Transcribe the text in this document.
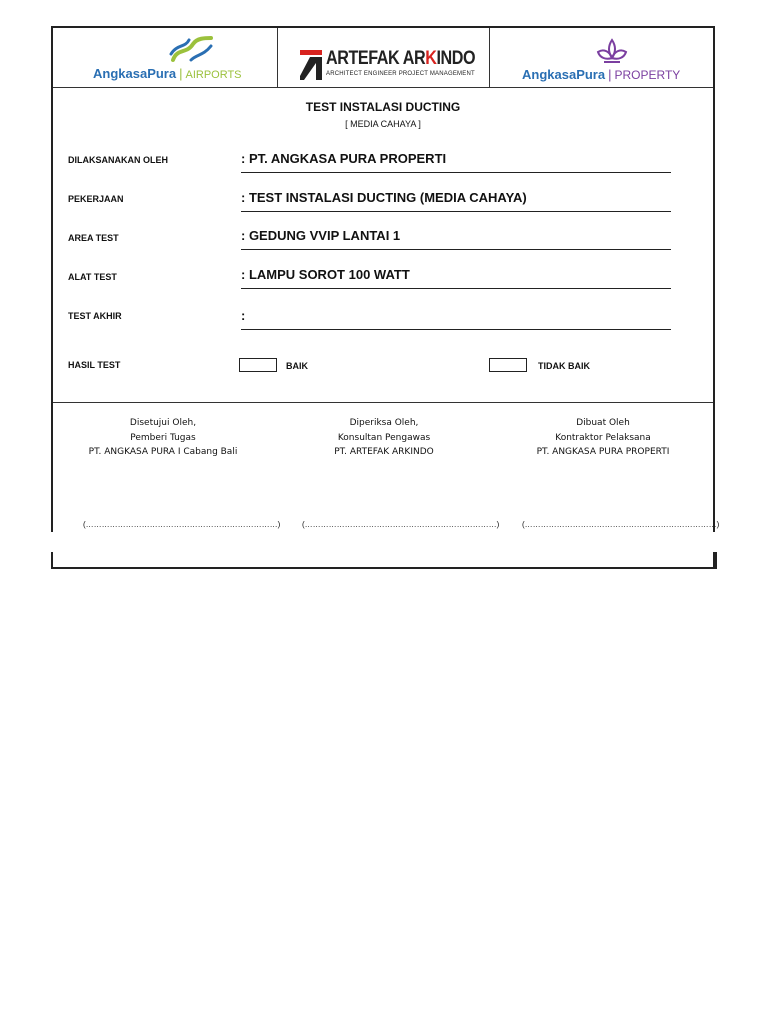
AngkasaPura | AIRPORTS
ARTEFAK ARKINDO
ARCHITECT ENGINEER PROJECT MANAGEMENT	AngkasaPura | PROPERTY
TEST INSTALASI DUCTING
[ MEDIA CAHAYA ]
DILAKSANAKAN OLEH	: PT. ANGKASA PURA PROPERTI
PEKERJAAN	: TEST INSTALASI DUCTING (MEDIA CAHAYA)
AREA TEST	: GEDUNG VVIP LANTAI 1
ALAT TEST	: LAMPU SOROT 100 WATT
TEST AKHIR	:
HASIL TEST	BAIK	TIDAK BAIK
Disetujui Oleh,
Pemberi Tugas
PT. ANGKASA PURA I Cabang Bali
Diperiksa Oleh,
Konsultan Pengawas
PT. ARTEFAK ARKINDO
Dibuat Oleh
Kontraktor Pelaksana
PT. ANGKASA PURA PROPERTI
(………………………………………………………………)	(………………………………………………………………)	(………………………………………………………………)
